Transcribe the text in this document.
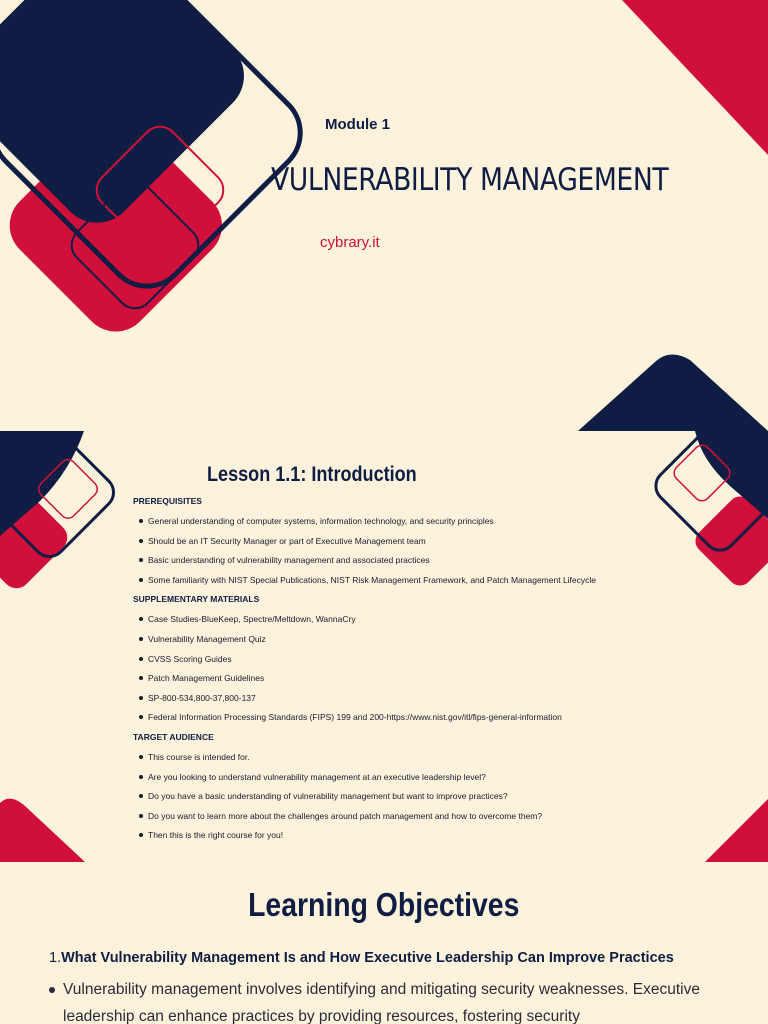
Module 1
VULNERABILITY MANAGEMENT
cybrary.it
Lesson 1.1: Introduction
PREREQUISITES
General understanding of computer systems, information technology, and security principles
Should be an IT Security Manager or part of Executive Management team
Basic understanding of vulnerability management and associated practices
Some familiarity with NIST Special Publications, NIST Risk Management Framework, and Patch Management Lifecycle
SUPPLEMENTARY MATERIALS
Case Studies-BlueKeep, Spectre/Meltdown, WannaCry
Vulnerability Management Quiz
CVSS Scoring Guides
Patch Management Guidelines
SP-800-534,800-37,800-137
Federal Information Processing Standards (FIPS) 199 and 200-https://www.nist.gov/itl/fips-general-information
TARGET AUDIENCE
This course is intended for.
Are you looking to understand vulnerability management at an executive leadership level?
Do you have a basic understanding of vulnerability management but want to improve practices?
Do you want to learn more about the challenges around patch management and how to overcome them?
Then this is the right course for you!
Learning Objectives
1.What Vulnerability Management Is and How Executive Leadership Can Improve Practices
Vulnerability management involves identifying and mitigating security weaknesses. Executive leadership can enhance practices by providing resources, fostering security
